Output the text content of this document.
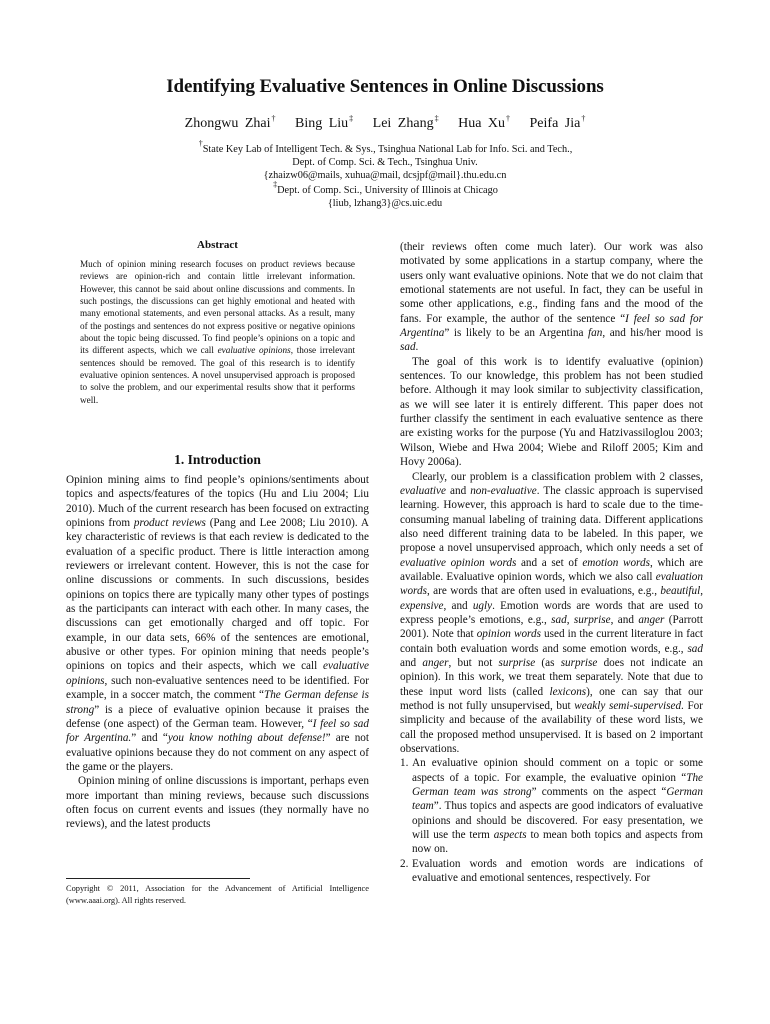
Identifying Evaluative Sentences in Online Discussions
Zhongwu Zhai† Bing Liu‡ Lei Zhang‡ Hua Xu† Peifa Jia†
†State Key Lab of Intelligent Tech. & Sys., Tsinghua National Lab for Info. Sci. and Tech.,
Dept. of Comp. Sci. & Tech., Tsinghua Univ.
{zhaizw06@mails, xuhua@mail, dcsjpf@mail}.thu.edu.cn
‡Dept. of Comp. Sci., University of Illinois at Chicago
{liub, lzhang3}@cs.uic.edu
Abstract
Much of opinion mining research focuses on product reviews because reviews are opinion-rich and contain little irrelevant information. However, this cannot be said about online discussions and comments. In such postings, the discussions can get highly emotional and heated with many emotional statements, and even personal attacks. As a result, many of the postings and sentences do not express positive or negative opinions about the topic being discussed. To find people’s opinions on a topic and its different aspects, which we call evaluative opinions, those irrelevant sentences should be removed. The goal of this research is to identify evaluative opinion sentences. A novel unsupervised approach is proposed to solve the problem, and our experimental results show that it performs well.
1. Introduction

Opinion mining aims to find people’s opinions/sentiments about topics and aspects/features of the topics (Hu and Liu 2004; Liu 2010). Much of the current research has been focused on extracting opinions from product reviews (Pang and Lee 2008; Liu 2010). A key characteristic of reviews is that each review is dedicated to the evaluation of a specific product. There is little interaction among reviewers or irrelevant content. However, this is not the case for online discussions or comments. In such discussions, besides opinions on topics there are typically many other types of postings as the participants can interact with each other. In many cases, the discussions can get emotionally charged and off topic. For example, in our data sets, 66% of the sentences are emotional, abusive or other types. For opinion mining that needs people’s opinions on topics and their aspects, which we call evaluative opinions, such non-evaluative sentences need to be identified. For example, in a soccer match, the comment “The German defense is strong” is a piece of evaluative opinion because it praises the defense (one aspect) of the German team. However, “I feel so sad for Argentina.” and “you know nothing about defense!” are not evaluative opinions because they do not comment on any aspect of the game or the players.

Opinion mining of online discussions is important, perhaps even more important than mining reviews, because such discussions often focus on current events and issues (they normally have no reviews), and the latest products

Copyright © 2011, Association for the Advancement of Artificial Intelligence (www.aaai.org). All rights reserved.

(their reviews often come much later). Our work was also motivated by some applications in a startup company, where the users only want evaluative opinions. Note that we do not claim that emotional statements are not useful. In fact, they can be useful in some other applications, e.g., finding fans and the mood of the fans. For example, the author of the sentence “I feel so sad for Argentina” is likely to be an Argentina fan, and his/her mood is sad.

The goal of this work is to identify evaluative (opinion) sentences. To our knowledge, this problem has not been studied before. Although it may look similar to subjectivity classification, as we will see later it is entirely different. This paper does not further classify the sentiment in each evaluative sentence as there are existing works for the purpose (Yu and Hatzivassiloglou 2003; Wilson, Wiebe and Hwa 2004; Wiebe and Riloff 2005; Kim and Hovy 2006a).

Clearly, our problem is a classification problem with 2 classes, evaluative and non-evaluative. The classic approach is supervised learning. However, this approach is hard to scale due to the time-consuming manual labeling of training data. Different applications also need different training data to be labeled. In this paper, we propose a novel unsupervised approach, which only needs a set of evaluative opinion words and a set of emotion words, which are available. Evaluative opinion words, which we also call evaluation words, are words that are often used in evaluations, e.g., beautiful, expensive, and ugly. Emotion words are words that are used to express people’s emotions, e.g., sad, surprise, and anger (Parrott 2001). Note that opinion words used in the current literature in fact contain both evaluation words and some emotion words, e.g., sad and anger, but not surprise (as surprise does not indicate an opinion). In this work, we treat them separately. Note that due to these input word lists (called lexicons), one can say that our method is not fully unsupervised, but weakly semi-supervised. For simplicity and because of the availability of these word lists, we call the proposed method unsupervised. It is based on 2 important observations.

1. An evaluative opinion should comment on a topic or some aspects of a topic. For example, the evaluative opinion “The German team was strong” comments on the aspect “German team”. Thus topics and aspects are good indicators of evaluative opinions and should be discovered. For easy presentation, we will use the term aspects to mean both topics and aspects from now on.
2. Evaluation words and emotion words are indications of evaluative and emotional sentences, respectively. For
